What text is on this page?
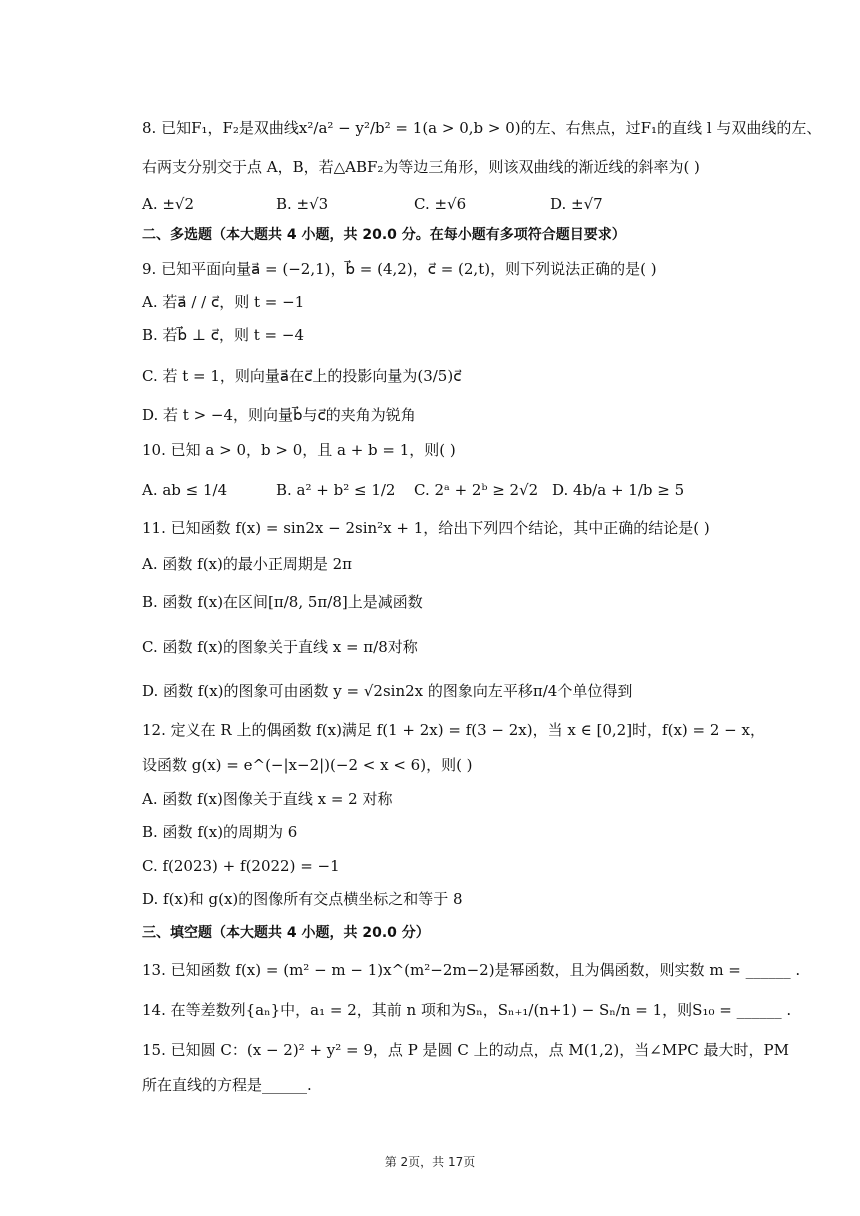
8. 已知F₁，F₂是双曲线x²/a² − y²/b² = 1(a > 0,b > 0)的左、右焦点，过F₁的直线 l 与双曲线的左、
右两支分别交于点 A，B，若△ABF₂为等边三角形，则该双曲线的渐近线的斜率为( )
A. ±√2	B. ±√3	C. ±√6	D. ±√7
二、多选题（本大题共 4 小题，共 20.0 分。在每小题有多项符合题目要求）
9. 已知平面向量a⃗ = (−2,1)，b⃗ = (4,2)，c⃗ = (2,t)，则下列说法正确的是( )
A. 若a⃗ / / c⃗，则 t = −1
B. 若b⃗ ⊥ c⃗，则 t = −4
C. 若 t = 1，则向量a⃗在c⃗上的投影向量为(3/5)c⃗
D. 若 t > −4，则向量b⃗与c⃗的夹角为锐角
10. 已知 a > 0，b > 0，且 a + b = 1，则( )
A. ab ≤ 1/4	B. a² + b² ≤ 1/2 C. 2ᵃ + 2ᵇ ≥ 2√2 D. 4b/a + 1/b ≥ 5
11. 已知函数 f(x) = sin2x − 2sin²x + 1，给出下列四个结论，其中正确的结论是( )
A. 函数 f(x)的最小正周期是 2π
B. 函数 f(x)在区间[π/8, 5π/8]上是减函数
C. 函数 f(x)的图象关于直线 x = π/8对称
D. 函数 f(x)的图象可由函数 y = √2sin2x 的图象向左平移π/4个单位得到
12. 定义在 R 上的偶函数 f(x)满足 f(1 + 2x) = f(3 − 2x)，当 x ∈ [0,2]时，f(x) = 2 − x，
设函数 g(x) = e^(−|x−2|)(−2 < x < 6)，则( )
A. 函数 f(x)图像关于直线 x = 2 对称
B. 函数 f(x)的周期为 6
C. f(2023) + f(2022) = −1
D. f(x)和 g(x)的图像所有交点横坐标之和等于 8
三、填空题（本大题共 4 小题，共 20.0 分）
13. 已知函数 f(x) = (m² − m − 1)x^(m²−2m−2)是幂函数，且为偶函数，则实数 m = ______ .
14. 在等差数列{aₙ}中，a₁ = 2，其前 n 项和为Sₙ，Sₙ₊₁/(n+1) − Sₙ/n = 1，则S₁₀ = ______ .
15. 已知圆 C：(x − 2)² + y² = 9，点 P 是圆 C 上的动点，点 M(1,2)，当∠MPC 最大时，PM
所在直线的方程是______.
第 2页，共 17页
